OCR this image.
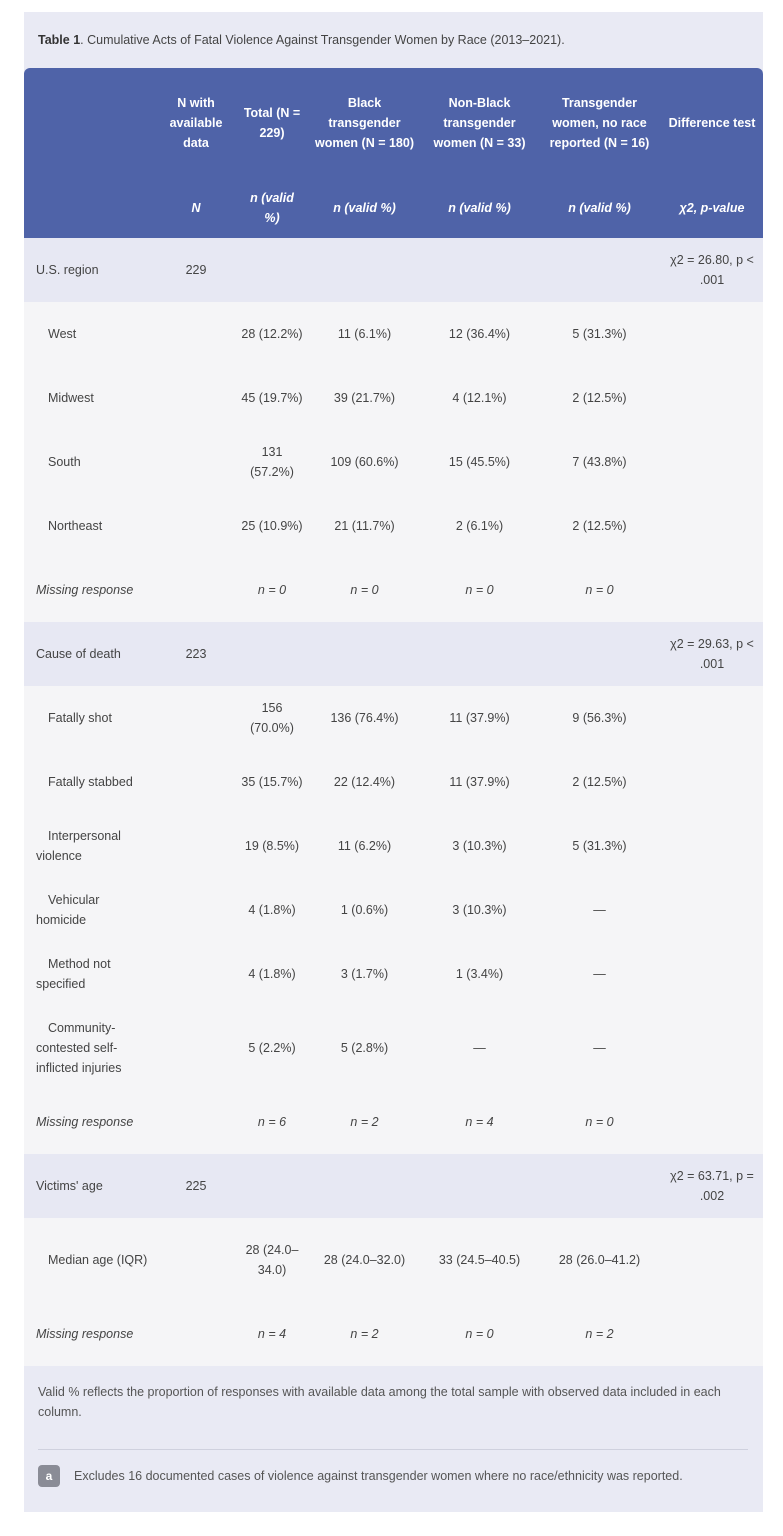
Table 1. Cumulative Acts of Fatal Violence Against Transgender Women by Race (2013–2021).
	N with available data	Total (N = 229)	Black transgender women (N = 180)	Non-Black transgender women (N = 33)	Transgender women, no race reported (N = 16)	Difference test
	N	n (valid %)	n (valid %)	n (valid %)	n (valid %)	χ2, p-value
U.S. region	229					χ2 = 26.80, p < .001
West		28 (12.2%)	11 (6.1%)	12 (36.4%)	5 (31.3%)	
Midwest		45 (19.7%)	39 (21.7%)	4 (12.1%)	2 (12.5%)	
South		131 (57.2%)	109 (60.6%)	15 (45.5%)	7 (43.8%)	
Northeast		25 (10.9%)	21 (11.7%)	2 (6.1%)	2 (12.5%)	
Missing response		n = 0	n = 0	n = 0	n = 0	
Cause of death	223					χ2 = 29.63, p < .001
Fatally shot		156 (70.0%)	136 (76.4%)	11 (37.9%)	9 (56.3%)	
Fatally stabbed		35 (15.7%)	22 (12.4%)	11 (37.9%)	2 (12.5%)	
Interpersonal violence		19 (8.5%)	11 (6.2%)	3 (10.3%)	5 (31.3%)	
Vehicular homicide		4 (1.8%)	1 (0.6%)	3 (10.3%)	—	
Method not specified		4 (1.8%)	3 (1.7%)	1 (3.4%)	—	
Community-contested self-inflicted injuries		5 (2.2%)	5 (2.8%)	—	—	
Missing response		n = 6	n = 2	n = 4	n = 0	
Victims' age	225					χ2 = 63.71, p = .002
Median age (IQR)		28 (24.0–34.0)	28 (24.0–32.0)	33 (24.5–40.5)	28 (26.0–41.2)	
Missing response		n = 4	n = 2	n = 0	n = 2	
Valid % reflects the proportion of responses with available data among the total sample with observed data included in each column.
a	Excludes 16 documented cases of violence against transgender women where no race/ethnicity was reported.
